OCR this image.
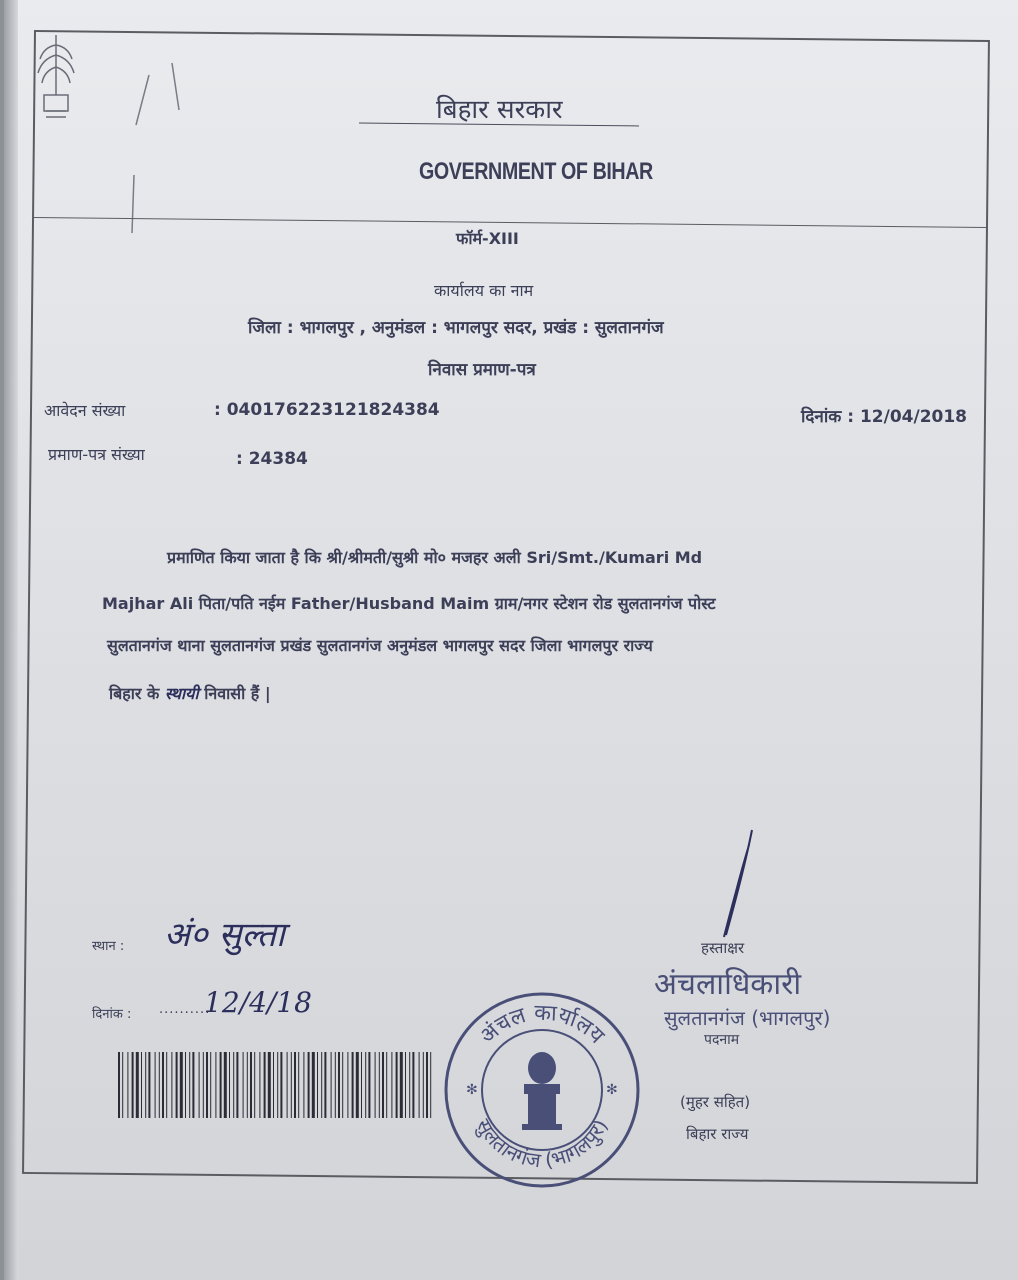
बिहार सरकार
GOVERNMENT OF BIHAR
फॉर्म-XIII
कार्यालय का नाम
जिला : भागलपुर , अनुमंडल : भागलपुर सदर, प्रखंड : सुलतानगंज
निवास प्रमाण-पत्र
आवेदन संख्या	: 040176223121824384	दिनांक : 12/04/2018
प्रमाण-पत्र संख्या	: 24384
प्रमाणित किया जाता है कि श्री/श्रीमती/सुश्री मो० मजहर अली Sri/Smt./Kumari Md
Majhar Ali पिता/पति नईम Father/Husband Maim ग्राम/नगर स्टेशन रोड सुलतानगंज पोस्ट
सुलतानगंज थाना सुलतानगंज प्रखंड सुलतानगंज अनुमंडल भागलपुर सदर जिला भागलपुर राज्य
बिहार के स्थायी निवासी हैं |
स्थान : अं० सुल्ता
दिनांक : ..........
12/4/18
अंचल कार्यालय
सुलतानगंज (भागलपुर)
✻	✻
हस्ताक्षर
अंचलाधिकारी
सुलतानगंज (भागलपुर)
पदनाम
(मुहर सहित)
बिहार राज्य
